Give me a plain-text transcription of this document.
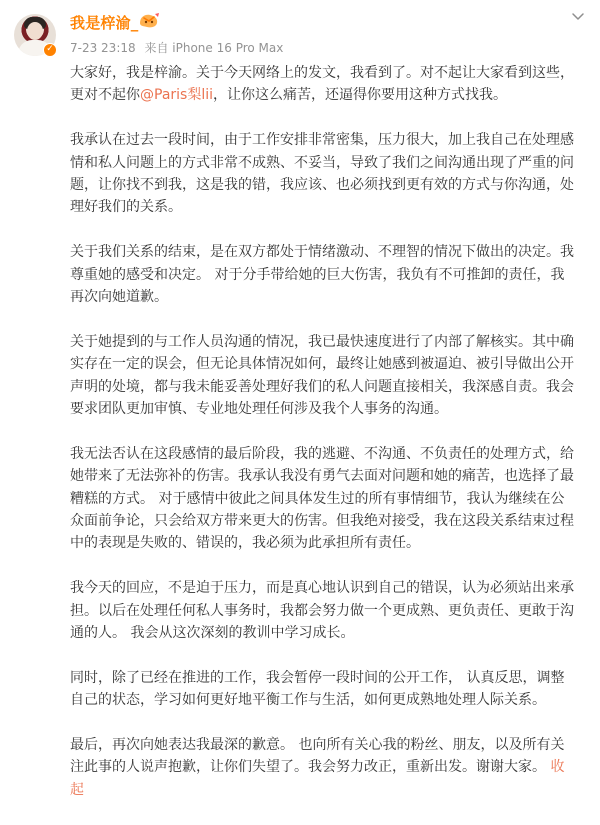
✓
我是梓渝_
7-23 23:18 来自 iPhone 16 Pro Max

大家好，我是梓渝。关于今天网络上的发文，我看到了。对不起让大家看到这些，
更对不起你@Paris梨lii，让你这么痛苦，还逼得你要用这种方式找我。

我承认在过去一段时间，由于工作安排非常密集，压力很大，加上我自己在处理感
情和私人问题上的方式非常不成熟、不妥当，导致了我们之间沟通出现了严重的问
题，让你找不到我，这是我的错，我应该、也必须找到更有效的方式与你沟通，处
理好我们的关系。

关于我们关系的结束，是在双方都处于情绪激动、不理智的情况下做出的决定。我
尊重她的感受和决定。 对于分手带给她的巨大伤害，我负有不可推卸的责任，我
再次向她道歉。

关于她提到的与工作人员沟通的情况，我已最快速度进行了内部了解核实。其中确
实存在一定的误会，但无论具体情况如何，最终让她感到被逼迫、被引导做出公开
声明的处境，都与我未能妥善处理好我们的私人问题直接相关，我深感自责。我会
要求团队更加审慎、专业地处理任何涉及我个人事务的沟通。

我无法否认在这段感情的最后阶段，我的逃避、不沟通、不负责任的处理方式，给
她带来了无法弥补的伤害。我承认我没有勇气去面对问题和她的痛苦，也选择了最
糟糕的方式。 对于感情中彼此之间具体发生过的所有事情细节，我认为继续在公
众面前争论，只会给双方带来更大的伤害。但我绝对接受，我在这段关系结束过程
中的表现是失败的、错误的，我必须为此承担所有责任。

我今天的回应，不是迫于压力，而是真心地认识到自己的错误，认为必须站出来承
担。以后在处理任何私人事务时，我都会努力做一个更成熟、更负责任、更敢于沟
通的人。 我会从这次深刻的教训中学习成长。

同时，除了已经在推进的工作，我会暂停一段时间的公开工作， 认真反思，调整
自己的状态，学习如何更好地平衡工作与生活，如何更成熟地处理人际关系。

最后，再次向她表达我最深的歉意。 也向所有关心我的粉丝、朋友，以及所有关
注此事的人说声抱歉，让你们失望了。我会努力改正，重新出发。谢谢大家。 收
起
